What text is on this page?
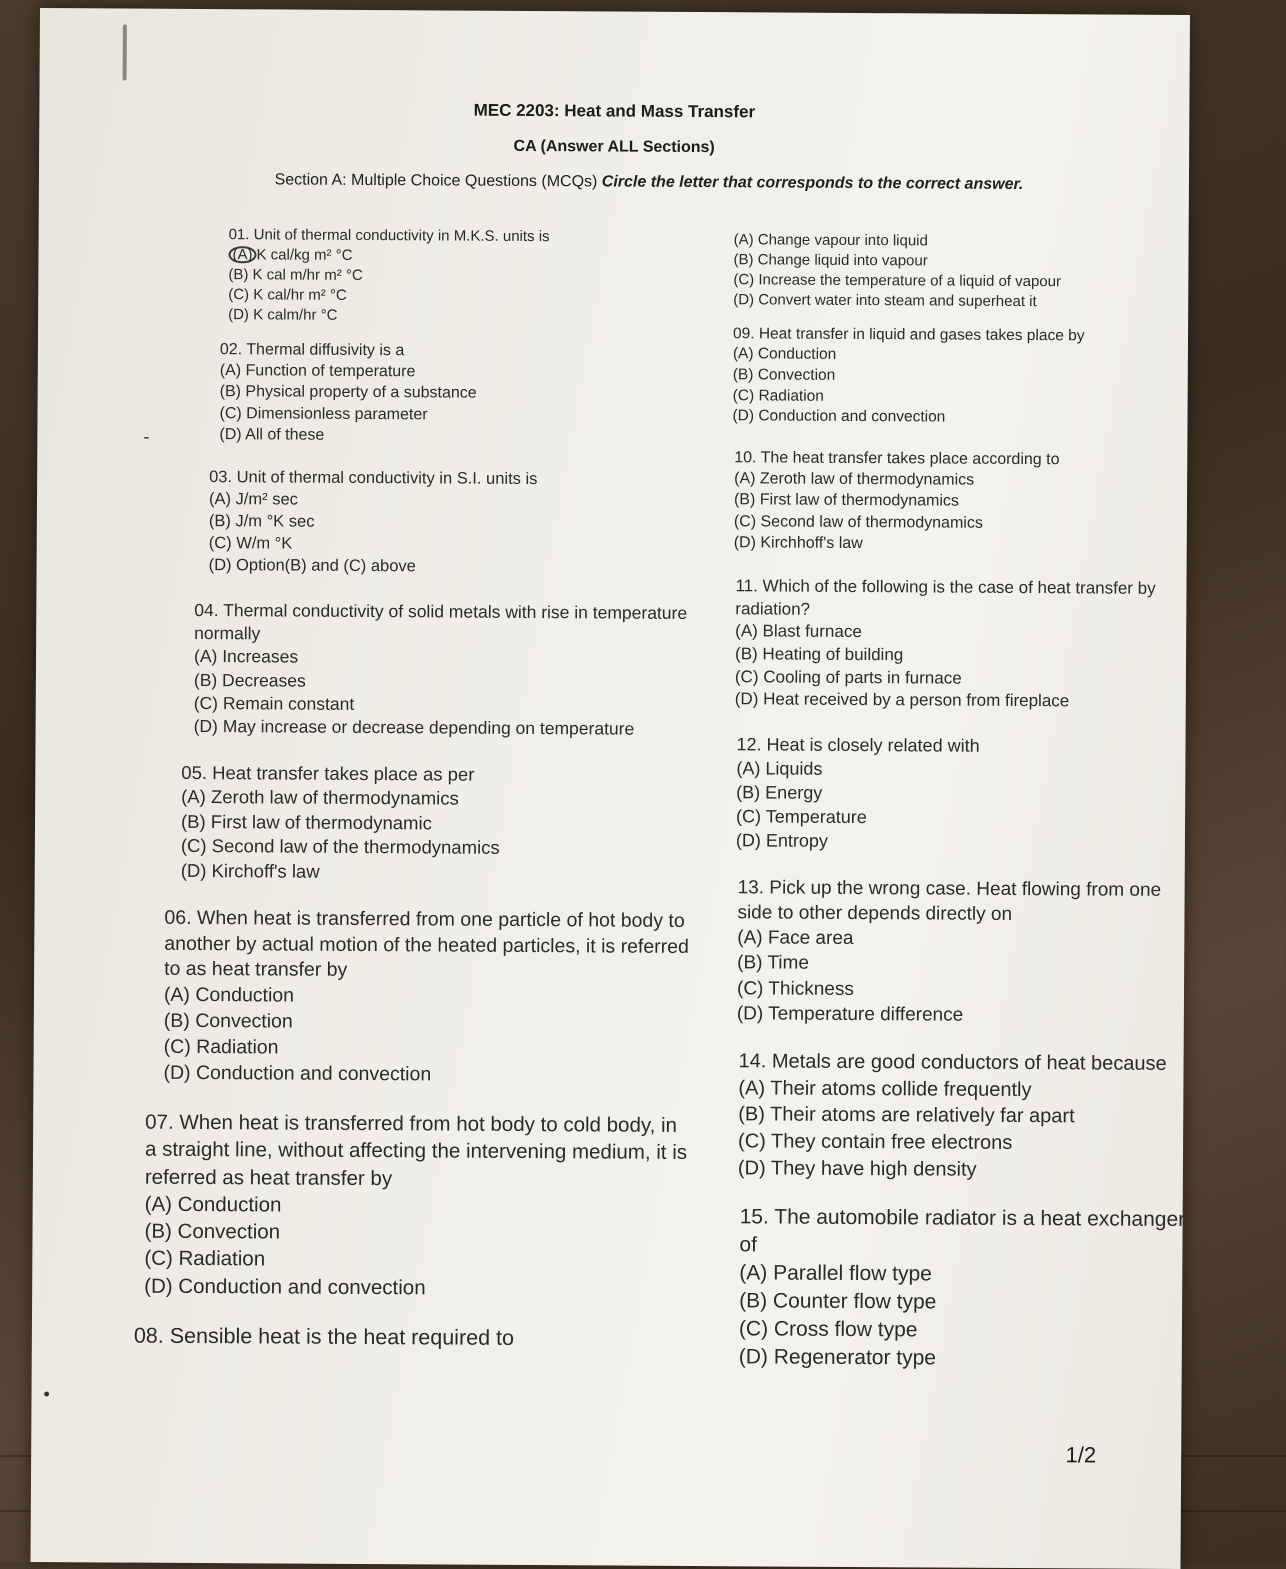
MEC 2203: Heat and Mass Transfer
CA (Answer ALL Sections)
Section A: Multiple Choice Questions (MCQs) Circle the letter that corresponds to the correct answer.

01. Unit of thermal conductivity in M.K.S. units is

(A) K cal/kg m² °C

(B) K cal m/hr m² °C

(C) K cal/hr m² °C

(D) K calm/hr °C

02. Thermal diffusivity is a

(A) Function of temperature

(B) Physical property of a substance

(C) Dimensionless parameter

(D) All of these

03. Unit of thermal conductivity in S.I. units is

(A) J/m² sec

(B) J/m °K sec

(C) W/m °K

(D) Option(B) and (C) above

04. Thermal conductivity of solid metals with rise in temperature normally

(A) Increases

(B) Decreases

(C) Remain constant

(D) May increase or decrease depending on temperature

05. Heat transfer takes place as per

(A) Zeroth law of thermodynamics

(B) First law of thermodynamic

(C) Second law of the thermodynamics

(D) Kirchoff's law

06. When heat is transferred from one particle of hot body to another by actual motion of the heated particles, it is referred to as heat transfer by

(A) Conduction

(B) Convection

(C) Radiation

(D) Conduction and convection

07. When heat is transferred from hot body to cold body, in a straight line, without affecting the intervening medium, it is referred as heat transfer by

(A) Conduction

(B) Convection

(C) Radiation

(D) Conduction and convection

08. Sensible heat is the heat required to

(A) Change vapour into liquid

(B) Change liquid into vapour

(C) Increase the temperature of a liquid of vapour

(D) Convert water into steam and superheat it

09. Heat transfer in liquid and gases takes place by

(A) Conduction

(B) Convection

(C) Radiation

(D) Conduction and convection

10. The heat transfer takes place according to

(A) Zeroth law of thermodynamics

(B) First law of thermodynamics

(C) Second law of thermodynamics

(D) Kirchhoff's law

11. Which of the following is the case of heat transfer by radiation?

(A) Blast furnace

(B) Heating of building

(C) Cooling of parts in furnace

(D) Heat received by a person from fireplace

12. Heat is closely related with

(A) Liquids

(B) Energy

(C) Temperature

(D) Entropy

13. Pick up the wrong case. Heat flowing from one side to other depends directly on

(A) Face area

(B) Time

(C) Thickness

(D) Temperature difference

14. Metals are good conductors of heat because

(A) Their atoms collide frequently

(B) Their atoms are relatively far apart

(C) They contain free electrons

(D) They have high density

15. The automobile radiator is a heat exchanger of

(A) Parallel flow type

(B) Counter flow type

(C) Cross flow type

(D) Regenerator type

-
•
1/2
